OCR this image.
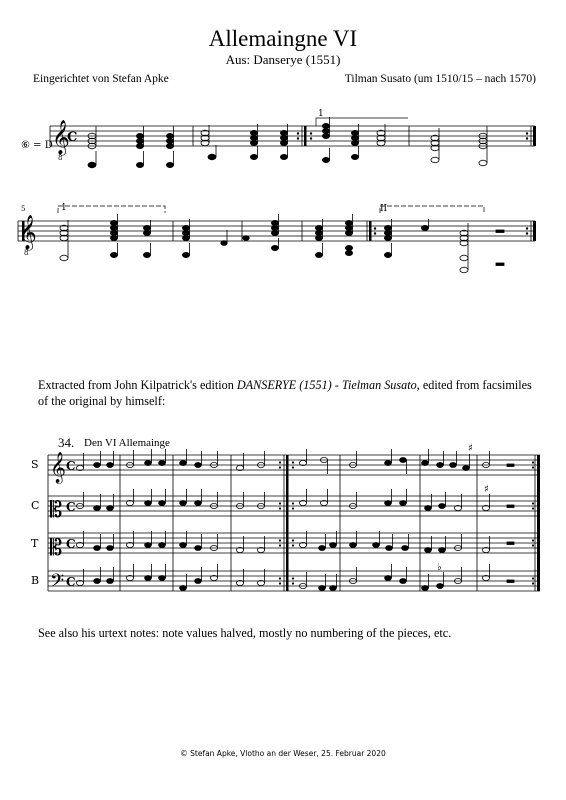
Allemaingne VI
Aus: Danserye (1551)
Eingerichtet von Stefan Apke	Tilman Susato (um 1510/15 – nach 1570)
𝄞
𝄞
C
8
8
⑥ = D
5
1
1	II
𝄞
𝄡
𝄡
𝄢
C
C
C
C
♯
♯
♭
S
C
T
B
Extracted from John Kilpatrick's edition DANSERYE (1551) - Tielman Susato, edited from facsimiles of the original by himself:
34. Den VI Allemainge
See also his urtext notes: note values halved, mostly no numbering of the pieces, etc.
© Stefan Apke, Vlotho an der Weser, 25. Februar 2020
